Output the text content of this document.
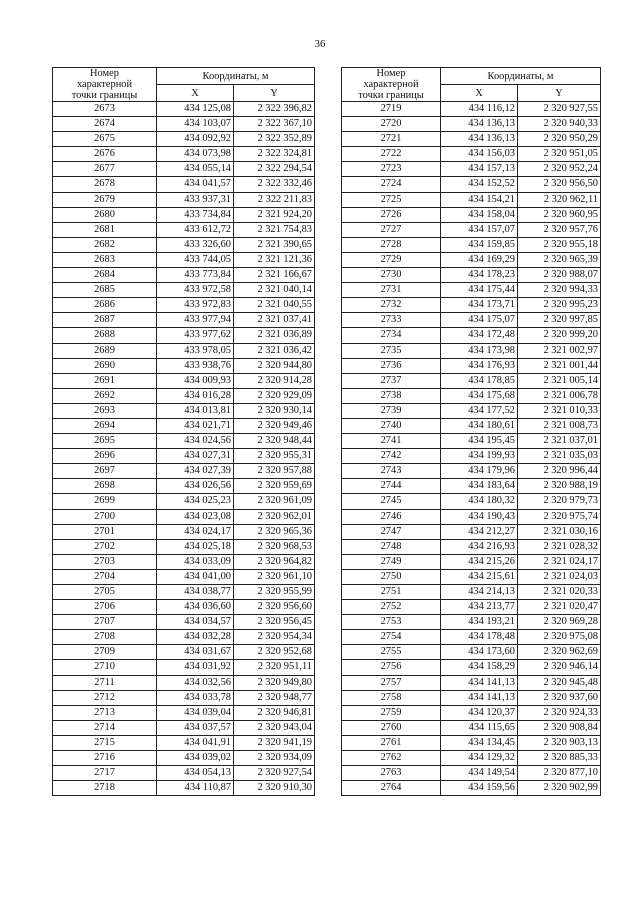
36
Номер
характерной
точки границы	Координаты, м	
	X	Y
2673	434 125,08	2 322 396,82
2674	434 103,07	2 322 367,10
2675	434 092,92	2 322 352,89
2676	434 073,98	2 322 324,81
2677	434 055,14	2 322 294,54
2678	434 041,57	2 322 332,46
2679	433 937,31	2 322 211,83
2680	433 734,84	2 321 924,20
2681	433 612,72	2 321 754,83
2682	433 326,60	2 321 390,65
2683	433 744,05	2 321 121,36
2684	433 773,84	2 321 166,67
2685	433 972,58	2 321 040,14
2686	433 972,83	2 321 040,55
2687	433 977,94	2 321 037,41
2688	433 977,62	2 321 036,89
2689	433 978,05	2 321 036,42
2690	433 938,76	2 320 944,80
2691	434 009,93	2 320 914,28
2692	434 016,28	2 320 929,09
2693	434 013,81	2 320 930,14
2694	434 021,71	2 320 949,46
2695	434 024,56	2 320 948,44
2696	434 027,31	2 320 955,31
2697	434 027,39	2 320 957,88
2698	434 026,56	2 320 959,69
2699	434 025,23	2 320 961,09
2700	434 023,08	2 320 962,01
2701	434 024,17	2 320 965,36
2702	434 025,18	2 320 968,53
2703	434 033,09	2 320 964,82
2704	434 041,00	2 320 961,10
2705	434 038,77	2 320 955,99
2706	434 036,60	2 320 956,60
2707	434 034,57	2 320 956,45
2708	434 032,28	2 320 954,34
2709	434 031,67	2 320 952,68
2710	434 031,92	2 320 951,11
2711	434 032,56	2 320 949,80
2712	434 033,78	2 320 948,77
2713	434 039,04	2 320 946,81
2714	434 037,57	2 320 943,04
2715	434 041,91	2 320 941,19
2716	434 039,02	2 320 934,09
2717	434 054,13	2 320 927,54
2718	434 110,87	2 320 910,30
Номер
характерной
точки границы	Координаты, м	
	X	Y
2719	434 116,12	2 320 927,55
2720	434 136,13	2 320 940,33
2721	434 136,13	2 320 950,29
2722	434 156,03	2 320 951,05
2723	434 157,13	2 320 952,24
2724	434 152,52	2 320 956,50
2725	434 154,21	2 320 962,11
2726	434 158,04	2 320 960,95
2727	434 157,07	2 320 957,76
2728	434 159,85	2 320 955,18
2729	434 169,29	2 320 965,39
2730	434 178,23	2 320 988,07
2731	434 175,44	2 320 994,33
2732	434 173,71	2 320 995,23
2733	434 175,07	2 320 997,85
2734	434 172,48	2 320 999,20
2735	434 173,98	2 321 002,97
2736	434 176,93	2 321 001,44
2737	434 178,85	2 321 005,14
2738	434 175,68	2 321 006,78
2739	434 177,52	2 321 010,33
2740	434 180,61	2 321 008,73
2741	434 195,45	2 321 037,01
2742	434 199,93	2 321 035,03
2743	434 179,96	2 320 996,44
2744	434 183,64	2 320 988,19
2745	434 180,32	2 320 979,73
2746	434 190,43	2 320 975,74
2747	434 212,27	2 321 030,16
2748	434 216,93	2 321 028,32
2749	434 215,26	2 321 024,17
2750	434 215,61	2 321 024,03
2751	434 214,13	2 321 020,33
2752	434 213,77	2 321 020,47
2753	434 193,21	2 320 969,28
2754	434 178,48	2 320 975,08
2755	434 173,60	2 320 962,69
2756	434 158,29	2 320 946,14
2757	434 141,13	2 320 945,48
2758	434 141,13	2 320 937,60
2759	434 120,37	2 320 924,33
2760	434 115,65	2 320 908,84
2761	434 134,45	2 320 903,13
2762	434 129,32	2 320 885,33
2763	434 149,54	2 320 877,10
2764	434 159,56	2 320 902,99
